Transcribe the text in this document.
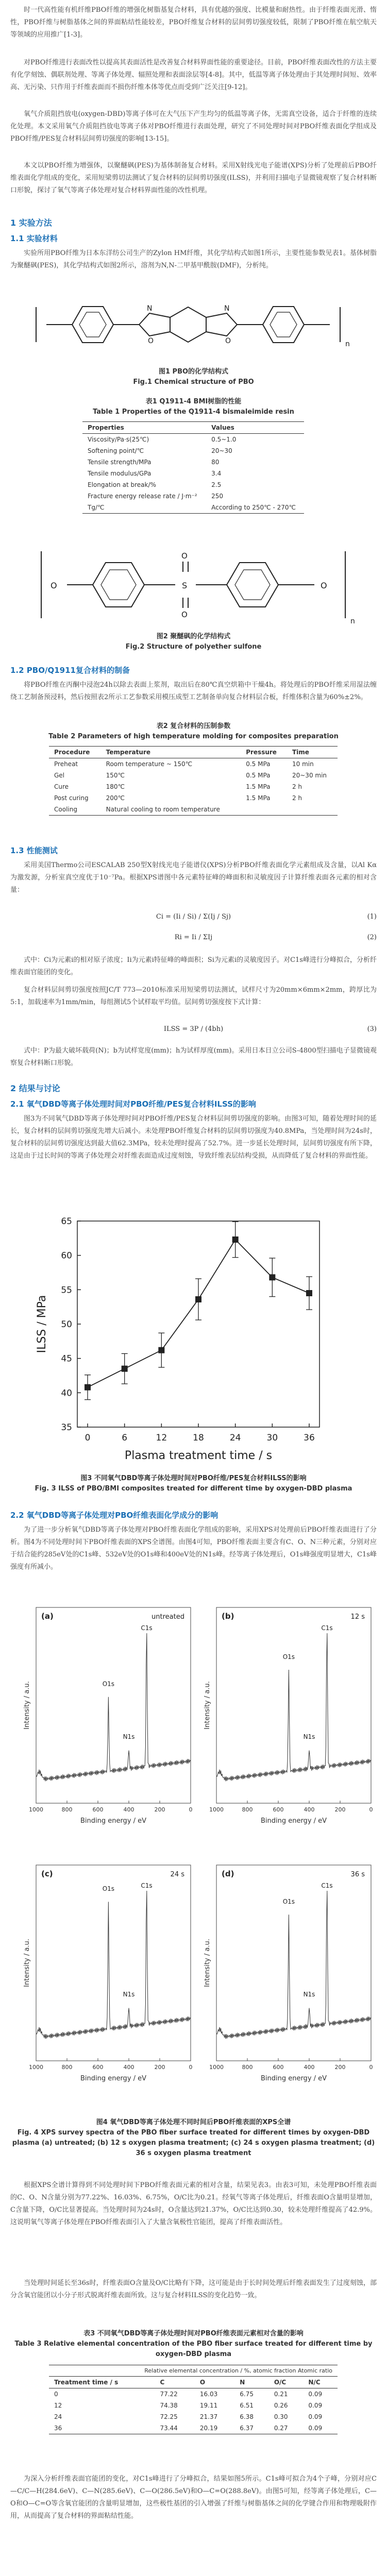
时一代高性能有机纤维PBO纤维的增强化树脂基复合材料，具有优越的强度、比模量和耐热性。由于纤维表面光滑、惰性，PBO纤维与树脂基体之间的界面粘结性能较差，PBO纤维复合材料的层间剪切强度较低，限制了PBO纤维在航空航天等领域的应用推广[1-3]。

对PBO纤维进行表面改性以提高其表面活性是改善复合材料界面性能的重要途径。目前，PBO纤维表面改性的方法主要有化学刻蚀、偶联剂处理、等离子体处理、辐照处理和表面涂层等[4-8]。其中，低温等离子体处理由于其处理时间短、效率高、无污染、只作用于纤维表面而不损伤纤维本体等优点而受到广泛关注[9-12]。

氧气介质阻挡放电(oxygen-DBD)等离子体可在大气压下产生均匀的低温等离子体，无需真空设备，适合于纤维的连续化处理。本文采用氧气介质阻挡放电等离子体对PBO纤维进行表面处理，研究了不同处理时间对PBO纤维表面化学组成及PBO纤维/PES复合材料层间剪切强度的影响[13-15]。

本文以PBO纤维为增强体，以聚醚砜(PES)为基体制备复合材料。采用X射线光电子能谱(XPS)分析了处理前后PBO纤维表面化学组成的变化，采用短梁剪切法测试了复合材料的层间剪切强度(ILSS)，并利用扫描电子显微镜观察了复合材料断口形貌，探讨了氧气等离子体处理对复合材料界面性能的改性机理。

1 实验方法
1.1 实验材料

实验所用PBO纤维为日本东洋纺公司生产的Zylon HM纤维，其化学结构式如图1所示，主要性能参数见表1。基体树脂为聚醚砜(PES)，其化学结构式如图2所示，溶剂为N,N-二甲基甲酰胺(DMF)，分析纯。

N
O
N
O	n

图1 PBO的化学结构式
Fig.1 Chemical structure of PBO

表1 Q1911-4 BMI树脂的性能
Table 1 Properties of the Q1911-4 bismaleimide resin

Properties	Values
Viscosity/Pa·s(25℃)	0.5~1.0
Softening point/℃	20~30
Tensile strength/MPa	80
Tensile modulus/GPa	3.4
Elongation at break/%	2.5
Fracture energy release rate / J·m⁻²	250
Tg/℃	According to 250℃ - 270℃
O	S
O
O
O
n

图2 聚醚砜的化学结构式
Fig.2 Structure of polyether sulfone

1.2 PBO/Q1911复合材料的制备

将PBO纤维在丙酮中浸泡24h以除去表面上浆剂，取出后在80℃真空烘箱中干燥4h。将处理后的PBO纤维采用湿法缠绕工艺制备预浸料，然后按照表2所示工艺参数采用模压成型工艺制备单向复合材料层合板，纤维体积含量为60%±2%。

表2 复合材料的压制参数
Table 2 Parameters of high temperature molding for composites preparation

Procedure	Temperature	Pressure	Time
Preheat	Room temperature ~ 150℃	0.5 MPa	10 min
Gel	150℃	0.5 MPa	20~30 min
Cure	180℃	1.5 MPa	2 h
Post curing	200℃	1.5 MPa	2 h
Cooling	Natural cooling to room temperature		
1.3 性能测试

采用美国Thermo公司ESCALAB 250型X射线光电子能谱仪(XPS)分析PBO纤维表面化学元素组成及含量，以Al Kα为激发源，分析室真空度优于10⁻⁷Pa。根据XPS谱图中各元素特征峰的峰面积和灵敏度因子计算纤维表面各元素的相对含量：

Ci = (Ii / Si) / Σ(Ij / Sj)	(1)
Ri = Ii / ΣIj	(2)

式中：Ci为元素i的相对原子浓度；Ii为元素i特征峰的峰面积；Si为元素i的灵敏度因子。对C1s峰进行分峰拟合，分析纤维表面官能团的变化。

复合材料层间剪切强度按照JC/T 773—2010标准采用短梁剪切法测试，试样尺寸为20mm×6mm×2mm，跨厚比为5:1，加载速率为1mm/min，每组测试5个试样取平均值。层间剪切强度按下式计算：

ILSS = 3P / (4bh)	(3)

式中：P为最大破坏载荷(N)；b为试样宽度(mm)；h为试样厚度(mm)。采用日本日立公司S-4800型扫描电子显微镜观察复合材料断口形貌。

2 结果与讨论
2.1 氧气DBD等离子体处理时间对PBO纤维/PES复合材料ILSS的影响

图3为不同氧气DBD等离子体处理时间对PBO纤维/PES复合材料层间剪切强度的影响。由图3可知，随着处理时间的延长，复合材料的层间剪切强度先增大后减小。未处理PBO纤维复合材料的层间剪切强度为40.8MPa，当处理时间为24s时，复合材料的层间剪切强度达到最大值62.3MPa，较未处理时提高了52.7%。进一步延长处理时间，层间剪切强度有所下降，这是由于过长时间的等离子体处理会对纤维表面造成过度刻蚀，导致纤维表层结构受损，从而降低了复合材料的界面性能。

35
40
45
50
55
60
65
0	6	12	18	24	30	36
Plasma treatment time / s
ILSS / MPa

图3 不同氧气DBD等离子体处理时间对PBO纤维/PES复合材料ILSS的影响
Fig. 3 ILSS of PBO/BMI composites treated for different time by oxygen-DBD plasma

2.2 氧气DBD等离子体处理对PBO纤维表面化学成分的影响

为了进一步分析氧气DBD等离子体处理对PBO纤维表面化学组成的影响，采用XPS对处理前后PBO纤维表面进行了分析。图4为不同处理时间下PBO纤维表面的XPS全谱图。由图4可知，PBO纤维表面主要含有C、O、N三种元素，分别对应于结合能约285eV处的C1s峰、532eV处的O1s峰和400eV处的N1s峰。经等离子体处理后，O1s峰强度明显增大，C1s峰强度有所减小。

0
200
400
600
800
1000
Binding energy / eV
Intensity / a.u.
(a)	untreated
C1s
N1s
O1s
0
200
400
600
800
1000
Binding energy / eV
Intensity / a.u.
(b)	12 s
C1s
N1s
O1s
0
200
400
600
800
1000
Binding energy / eV
Intensity / a.u.
(c)	24 s
C1s
N1s
O1s
0
200
400
600
800
1000
Binding energy / eV
Intensity / a.u.
(d)	36 s
C1s
N1s
O1s

图4 氧气DBD等离子体处理不同时间后PBO纤维表面的XPS全谱
Fig. 4 XPS survey spectra of the PBO fiber surface treated for different times by oxygen-DBD plasma (a) untreated; (b) 12 s oxygen plasma treatment; (c) 24 s oxygen plasma treatment; (d) 36 s oxygen plasma treatment

根据XPS全谱计算得到不同处理时间下PBO纤维表面元素的相对含量，结果见表3。由表3可知，未处理PBO纤维表面的C、O、N含量分别为77.22%、16.03%、6.75%，O/C比为0.21。经氧气等离子体处理后，纤维表面O含量明显增加，C含量下降，O/C比显著提高。当处理时间为24s时，O含量达到21.37%，O/C比达到0.30，较未处理纤维提高了42.9%。这说明氧气等离子体处理在PBO纤维表面引入了大量含氧极性官能团，提高了纤维表面活性。

当处理时间延长至36s时，纤维表面O含量及O/C比略有下降，这可能是由于长时间处理后纤维表面发生了过度刻蚀，部分含氧官能团以小分子形式脱离纤维表面所致。这与复合材料ILSS的变化趋势一致。

表3 不同氧气DBD等离子体处理时间对PBO纤维表面元素相对含量的影响
Table 3 Relative elemental concentration of the PBO fiber surface treated for different time by oxygen-DBD plasma

Relative elemental concentration / %, atomic fraction Atomic ratio
Treatment time / s	C	O	N	O/C	N/C
0	77.22	16.03	6.75	0.21	0.09
12	74.38	19.11	6.51	0.26	0.09
24	72.25	21.37	6.38	0.30	0.09
36	73.44	20.19	6.37	0.27	0.09

为深入分析纤维表面官能团的变化，对C1s峰进行了分峰拟合，结果如图5所示。C1s峰可拟合为4个子峰，分别对应C—C/C—H(284.6eV)、C—N(285.6eV)、C—O(286.5eV)和O—C=O(288.8eV)。由图5可知，经等离子体处理后，C—O和O—C=O等含氧官能团的含量明显增加，这些极性基团的引入增强了纤维与树脂基体之间的化学键合作用和物理吸附作用，从而提高了复合材料的界面粘结性能。
